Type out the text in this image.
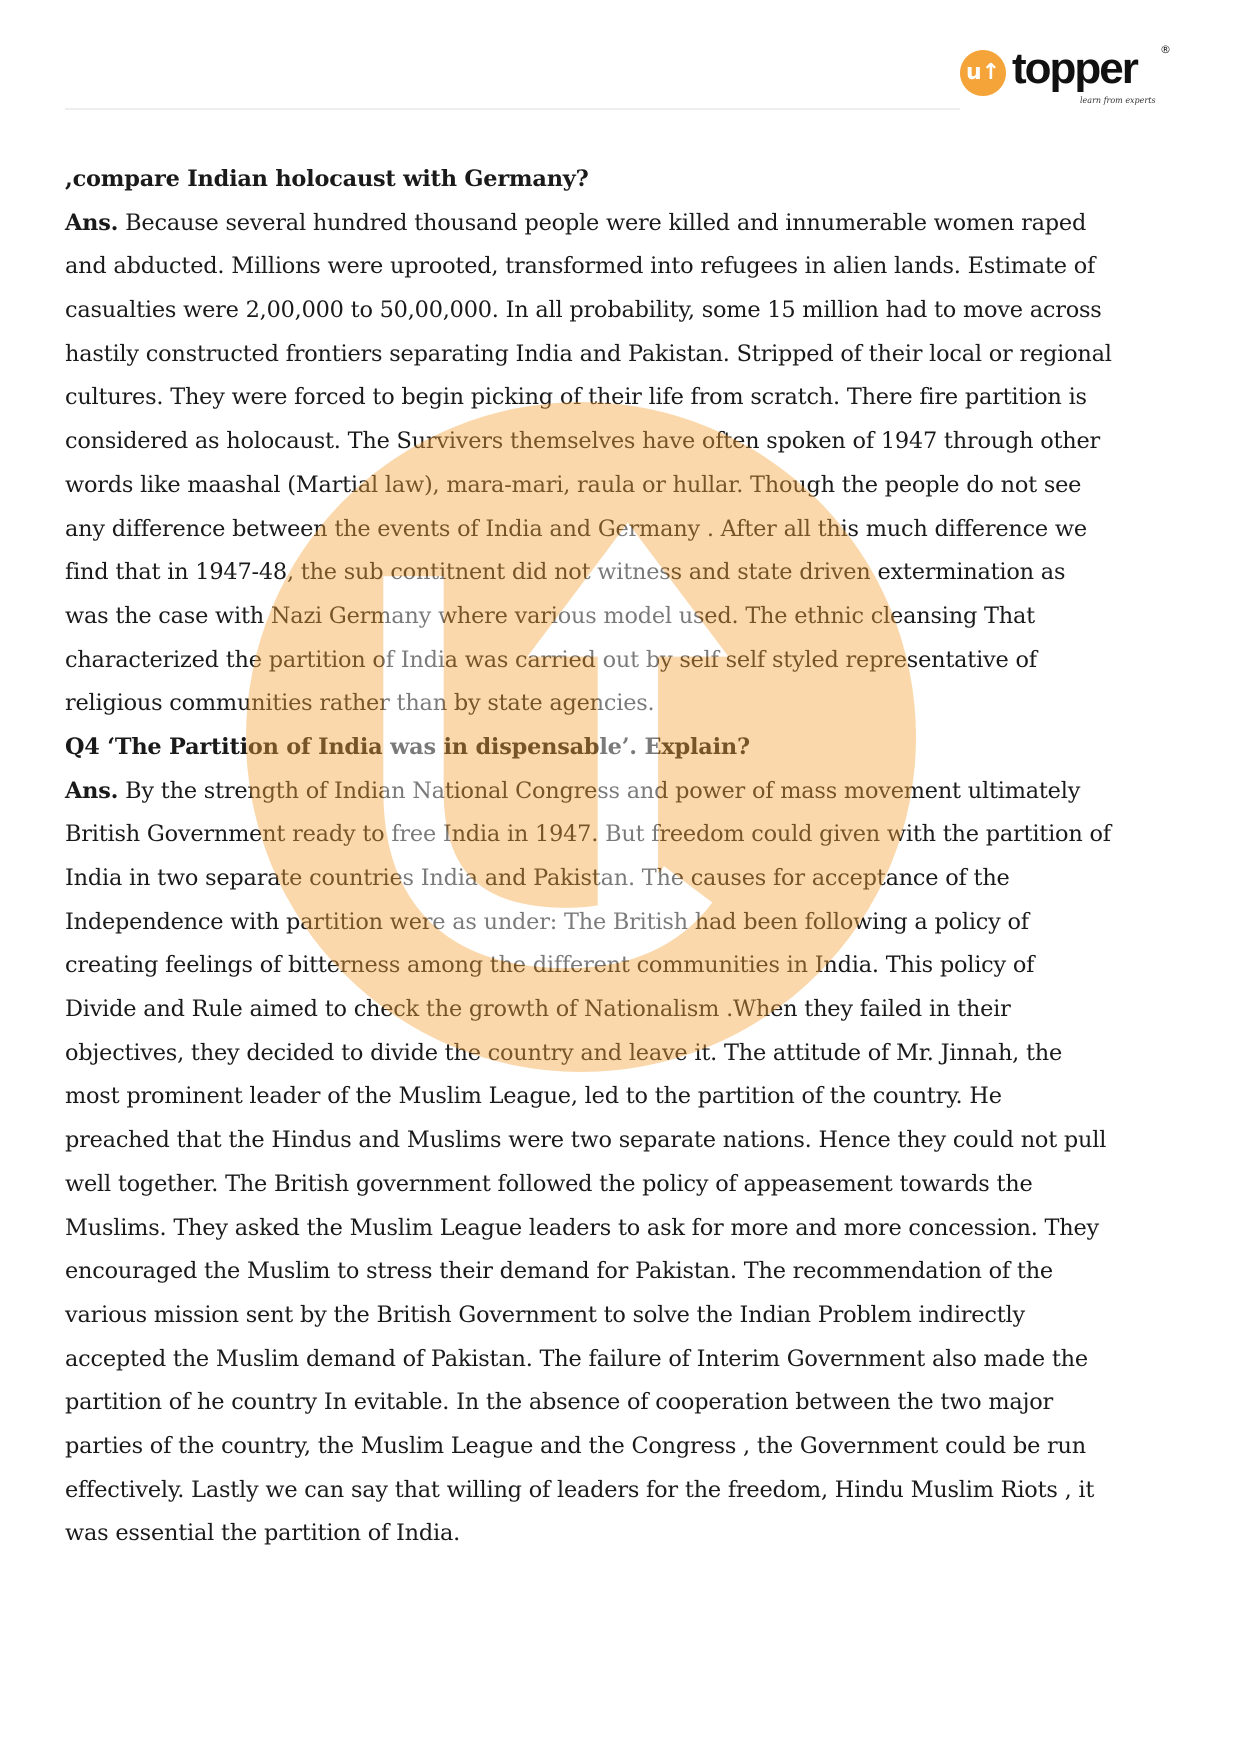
u↑ topper ®
learn from experts
,compare Indian holocaust with Germany?
Ans. Because several hundred thousand people were killed and innumerable women raped
and abducted. Millions were uprooted, transformed into refugees in alien lands. Estimate of
casualties were 2,00,000 to 50,00,000. In all probability, some 15 million had to move across
hastily constructed frontiers separating India and Pakistan. Stripped of their local or regional
cultures. They were forced to begin picking of their life from scratch. There fire partition is
considered as holocaust. The Survivers themselves have often spoken of 1947 through other
words like maashal (Martial law), mara-mari, raula or hullar. Though the people do not see
any difference between the events of India and Germany . After all this much difference we
find that in 1947-48, the sub contitnent did not witness and state driven extermination as
was the case with Nazi Germany where various model used. The ethnic cleansing That
characterized the partition of India was carried out by self self styled representative of
religious communities rather than by state agencies.
Q4 ‘The Partition of India was in dispensable’. Explain?
Ans. By the strength of Indian National Congress and power of mass movement ultimately
British Government ready to free India in 1947. But freedom could given with the partition of
India in two separate countries India and Pakistan. The causes for acceptance of the
Independence with partition were as under: The British had been following a policy of
creating feelings of bitterness among the different communities in India. This policy of
Divide and Rule aimed to check the growth of Nationalism .When they failed in their
objectives, they decided to divide the country and leave it. The attitude of Mr. Jinnah, the
most prominent leader of the Muslim League, led to the partition of the country. He
preached that the Hindus and Muslims were two separate nations. Hence they could not pull
well together. The British government followed the policy of appeasement towards the
Muslims. They asked the Muslim League leaders to ask for more and more concession. They
encouraged the Muslim to stress their demand for Pakistan. The recommendation of the
various mission sent by the British Government to solve the Indian Problem indirectly
accepted the Muslim demand of Pakistan. The failure of Interim Government also made the
partition of he country In evitable. In the absence of cooperation between the two major
parties of the country, the Muslim League and the Congress , the Government could be run
effectively. Lastly we can say that willing of leaders for the freedom, Hindu Muslim Riots , it
was essential the partition of India.
